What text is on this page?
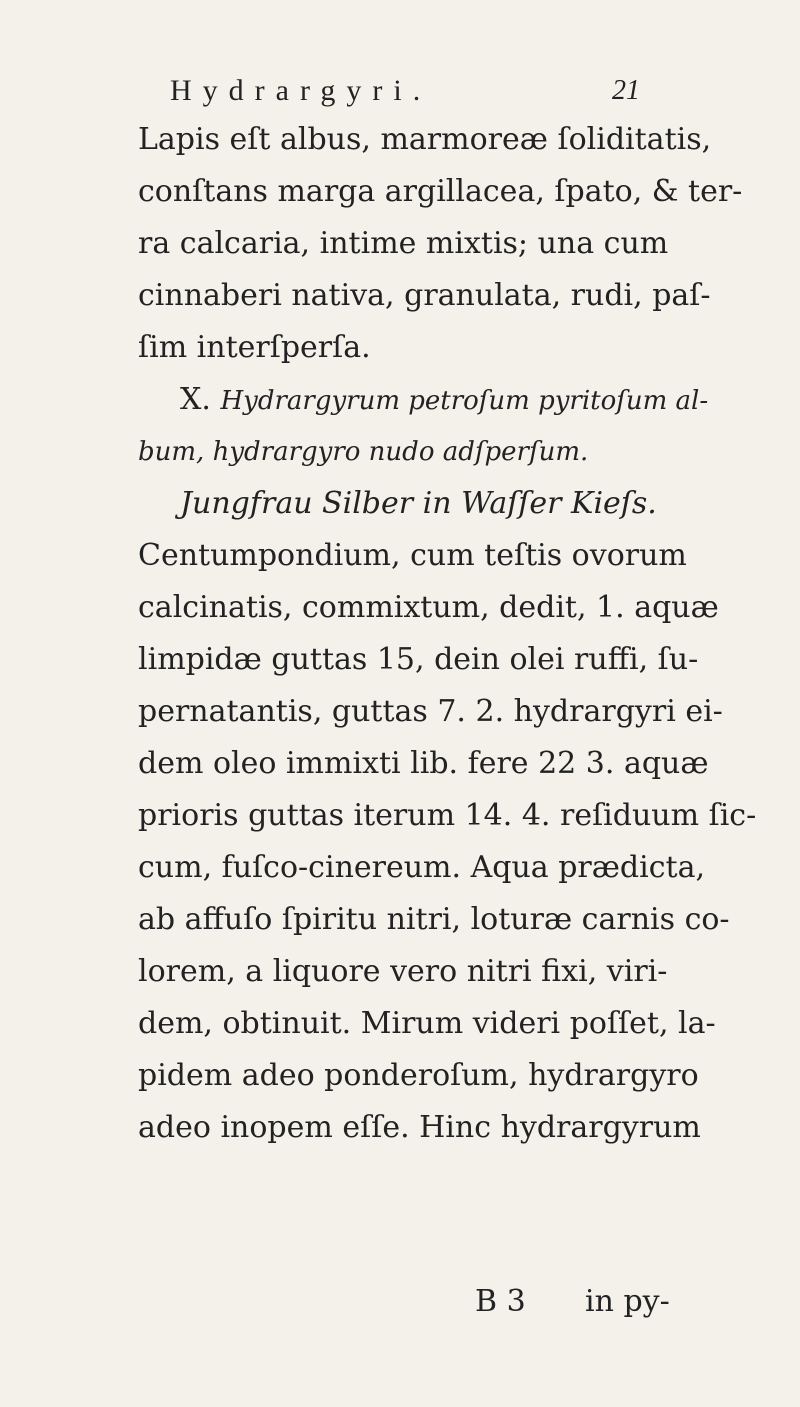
Hydrargyri.	21
Lapis eſt albus, marmoreæ ſoliditatis,
conſtans marga argillacea, ſpato, & ter-
ra calcaria, intime mixtis; una cum
cinnaberi nativa, granulata, rudi, paſ-
ſim interſperſa.
X. Hydrargyrum petroſum pyritoſum al-
bum, hydrargyro nudo adſperſum.
Jungfrau Silber in Waſſer Kieſs.
Centumpondium, cum teſtis ovorum
calcinatis, commixtum, dedit, 1. aquæ
limpidæ guttas 15, dein olei ruffi, ſu-
pernatantis, guttas 7. 2. hydrargyri ei-
dem oleo immixti lib. fere 22 3. aquæ
prioris guttas iterum 14. 4. reſiduum ſic-
cum, fuſco-cinereum. Aqua prædicta,
ab affuſo ſpiritu nitri, loturæ carnis co-
lorem, a liquore vero nitri fixi, viri-
dem, obtinuit. Mirum videri poſſet, la-
pidem adeo ponderoſum, hydrargyro
adeo inopem eſſe. Hinc hydrargyrum
B 3 in py-
